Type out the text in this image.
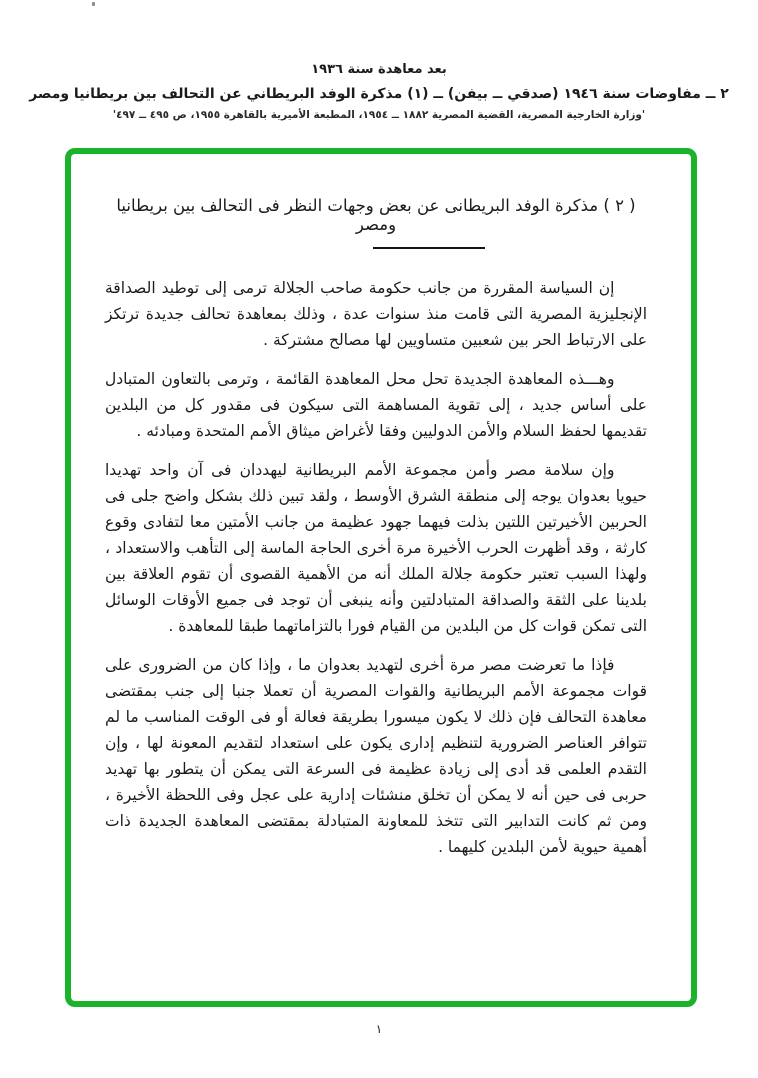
بعد معاهدة سنة ١٩٣٦
٢ ــ مفاوضات سنة ١٩٤٦ (صدقي ــ بيفن) ــ (١) مذكرة الوفد البريطاني عن التحالف بين بريطانيا ومصر
'وزارة الخارجية المصرية، القضية المصرية ١٨٨٢ ــ ١٩٥٤، المطبعة الأميرية بالقاهرة ١٩٥٥، ص ٤٩٥ ــ ٤٩٧'
( ٢ ) مذكرة الوفد البريطانى عن بعض وجهات النظر فى التحالف بين بريطانيا ومصر

إن السياسة المقررة من جانب حكومة صاحب الجلالة ترمى إلى توطيد الصداقة الإنجليزية المصرية التى قامت منذ سنوات عدة ، وذلك بمعاهدة تحالف جديدة ترتكز على الارتباط الحر بين شعبين متساويين لها مصالح مشتركة .

وهـــذه المعاهدة الجديدة تحل محل المعاهدة القائمة ، وترمى بالتعاون المتبادل على أساس جديد ، إلى تقوية المساهمة التى سيكون فى مقدور كل من البلدين تقديمها لحفظ السلام والأمن الدوليين وفقا لأغراض ميثاق الأمم المتحدة ومبادئه .

وإن سلامة مصر وأمن مجموعة الأمم البريطانية ليهددان فى آن واحد تهديدا حيويا بعدوان يوجه إلى منطقة الشرق الأوسط ، ولقد تبين ذلك بشكل واضح جلى فى الحربين الأخيرتين اللتين بذلت فيهما جهود عظيمة من جانب الأمتين معا لتفادى وقوع كارثة ، وقد أظهرت الحرب الأخيرة مرة أخرى الحاجة الماسة إلى التأهب والاستعداد ، ولهذا السبب تعتبر حكومة جلالة الملك أنه من الأهمية القصوى أن تقوم العلاقة بين بلدينا على الثقة والصداقة المتبادلتين وأنه ينبغى أن توجد فى جميع الأوقات الوسائل التى تمكن قوات كل من البلدين من القيام فورا بالتزاماتهما طبقا للمعاهدة .

فإذا ما تعرضت مصر مرة أخرى لتهديد بعدوان ما ، وإذا كان من الضرورى على قوات مجموعة الأمم البريطانية والقوات المصرية أن تعملا جنبا إلى جنب بمقتضى معاهدة التحالف فإن ذلك لا يكون ميسورا بطريقة فعالة أو فى الوقت المناسب ما لم تتوافر العناصر الضرورية لتنظيم إدارى يكون على استعداد لتقديم المعونة لها ، وإن التقدم العلمى قد أدى إلى زيادة عظيمة فى السرعة التى يمكن أن يتطور بها تهديد حربى فى حين أنه لا يمكن أن تخلق منشئات إدارية على عجل وفى اللحظة الأخيرة ، ومن ثم كانت التدابير التى تتخذ للمعاونة المتبادلة بمقتضى المعاهدة الجديدة ذات أهمية حيوية لأمن البلدين كليهما .

١
